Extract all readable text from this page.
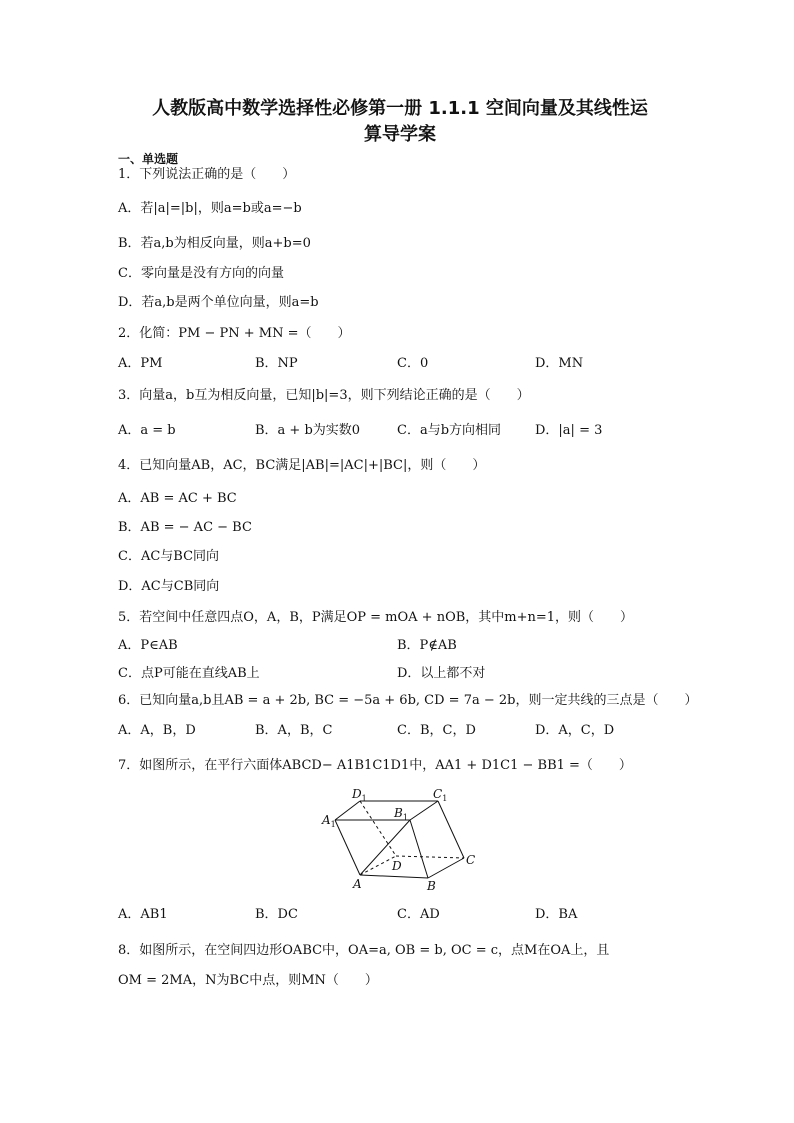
人教版高中数学选择性必修第一册 1.1.1 空间向量及其线性运
算导学案
一、单选题
1．下列说法正确的是（　　）
A．若|a|=|b|，则a=b或a=−b
B．若a,b为相反向量，则a+b=0
C．零向量是没有方向的向量
D．若a,b是两个单位向量，则a=b
2．化简：PM − PN + MN =（　　）
A．PM	B．NP	C．0	D．MN
3．向量a，b互为相反向量，已知|b|=3，则下列结论正确的是（　　）
A．a = b	B．a + b为实数0	C．a与b方向相同	D．|a| = 3
4．已知向量AB，AC，BC满足|AB|=|AC|+|BC|，则（　　）
A．AB = AC + BC
B．AB = − AC − BC
C．AC与BC同向
D．AC与CB同向
5．若空间中任意四点O，A，B，P满足OP = mOA + nOB，其中m+n=1，则（　　）
A．P∈AB	B．P∉AB
C．点P可能在直线AB上	D．以上都不对
6．已知向量a,b且AB = a + 2b, BC = −5a + 6b, CD = 7a − 2b，则一定共线的三点是（　　）
A．A，B，D	B．A，B，C	C．B，C，D	D．A，C，D
7．如图所示，在平行六面体ABCD− A1B1C1D1中，AA1 + D1C1 − BB1 =（　　）
$D_1$
$B_1$
$C_1$
$A_1$
D	C
A	B
A．AB1	B．DC	C．AD	D．BA
8．如图所示，在空间四边形OABC中，OA=a, OB = b, OC = c，点M在OA上，且
OM = 2MA，N为BC中点，则MN（　　）
